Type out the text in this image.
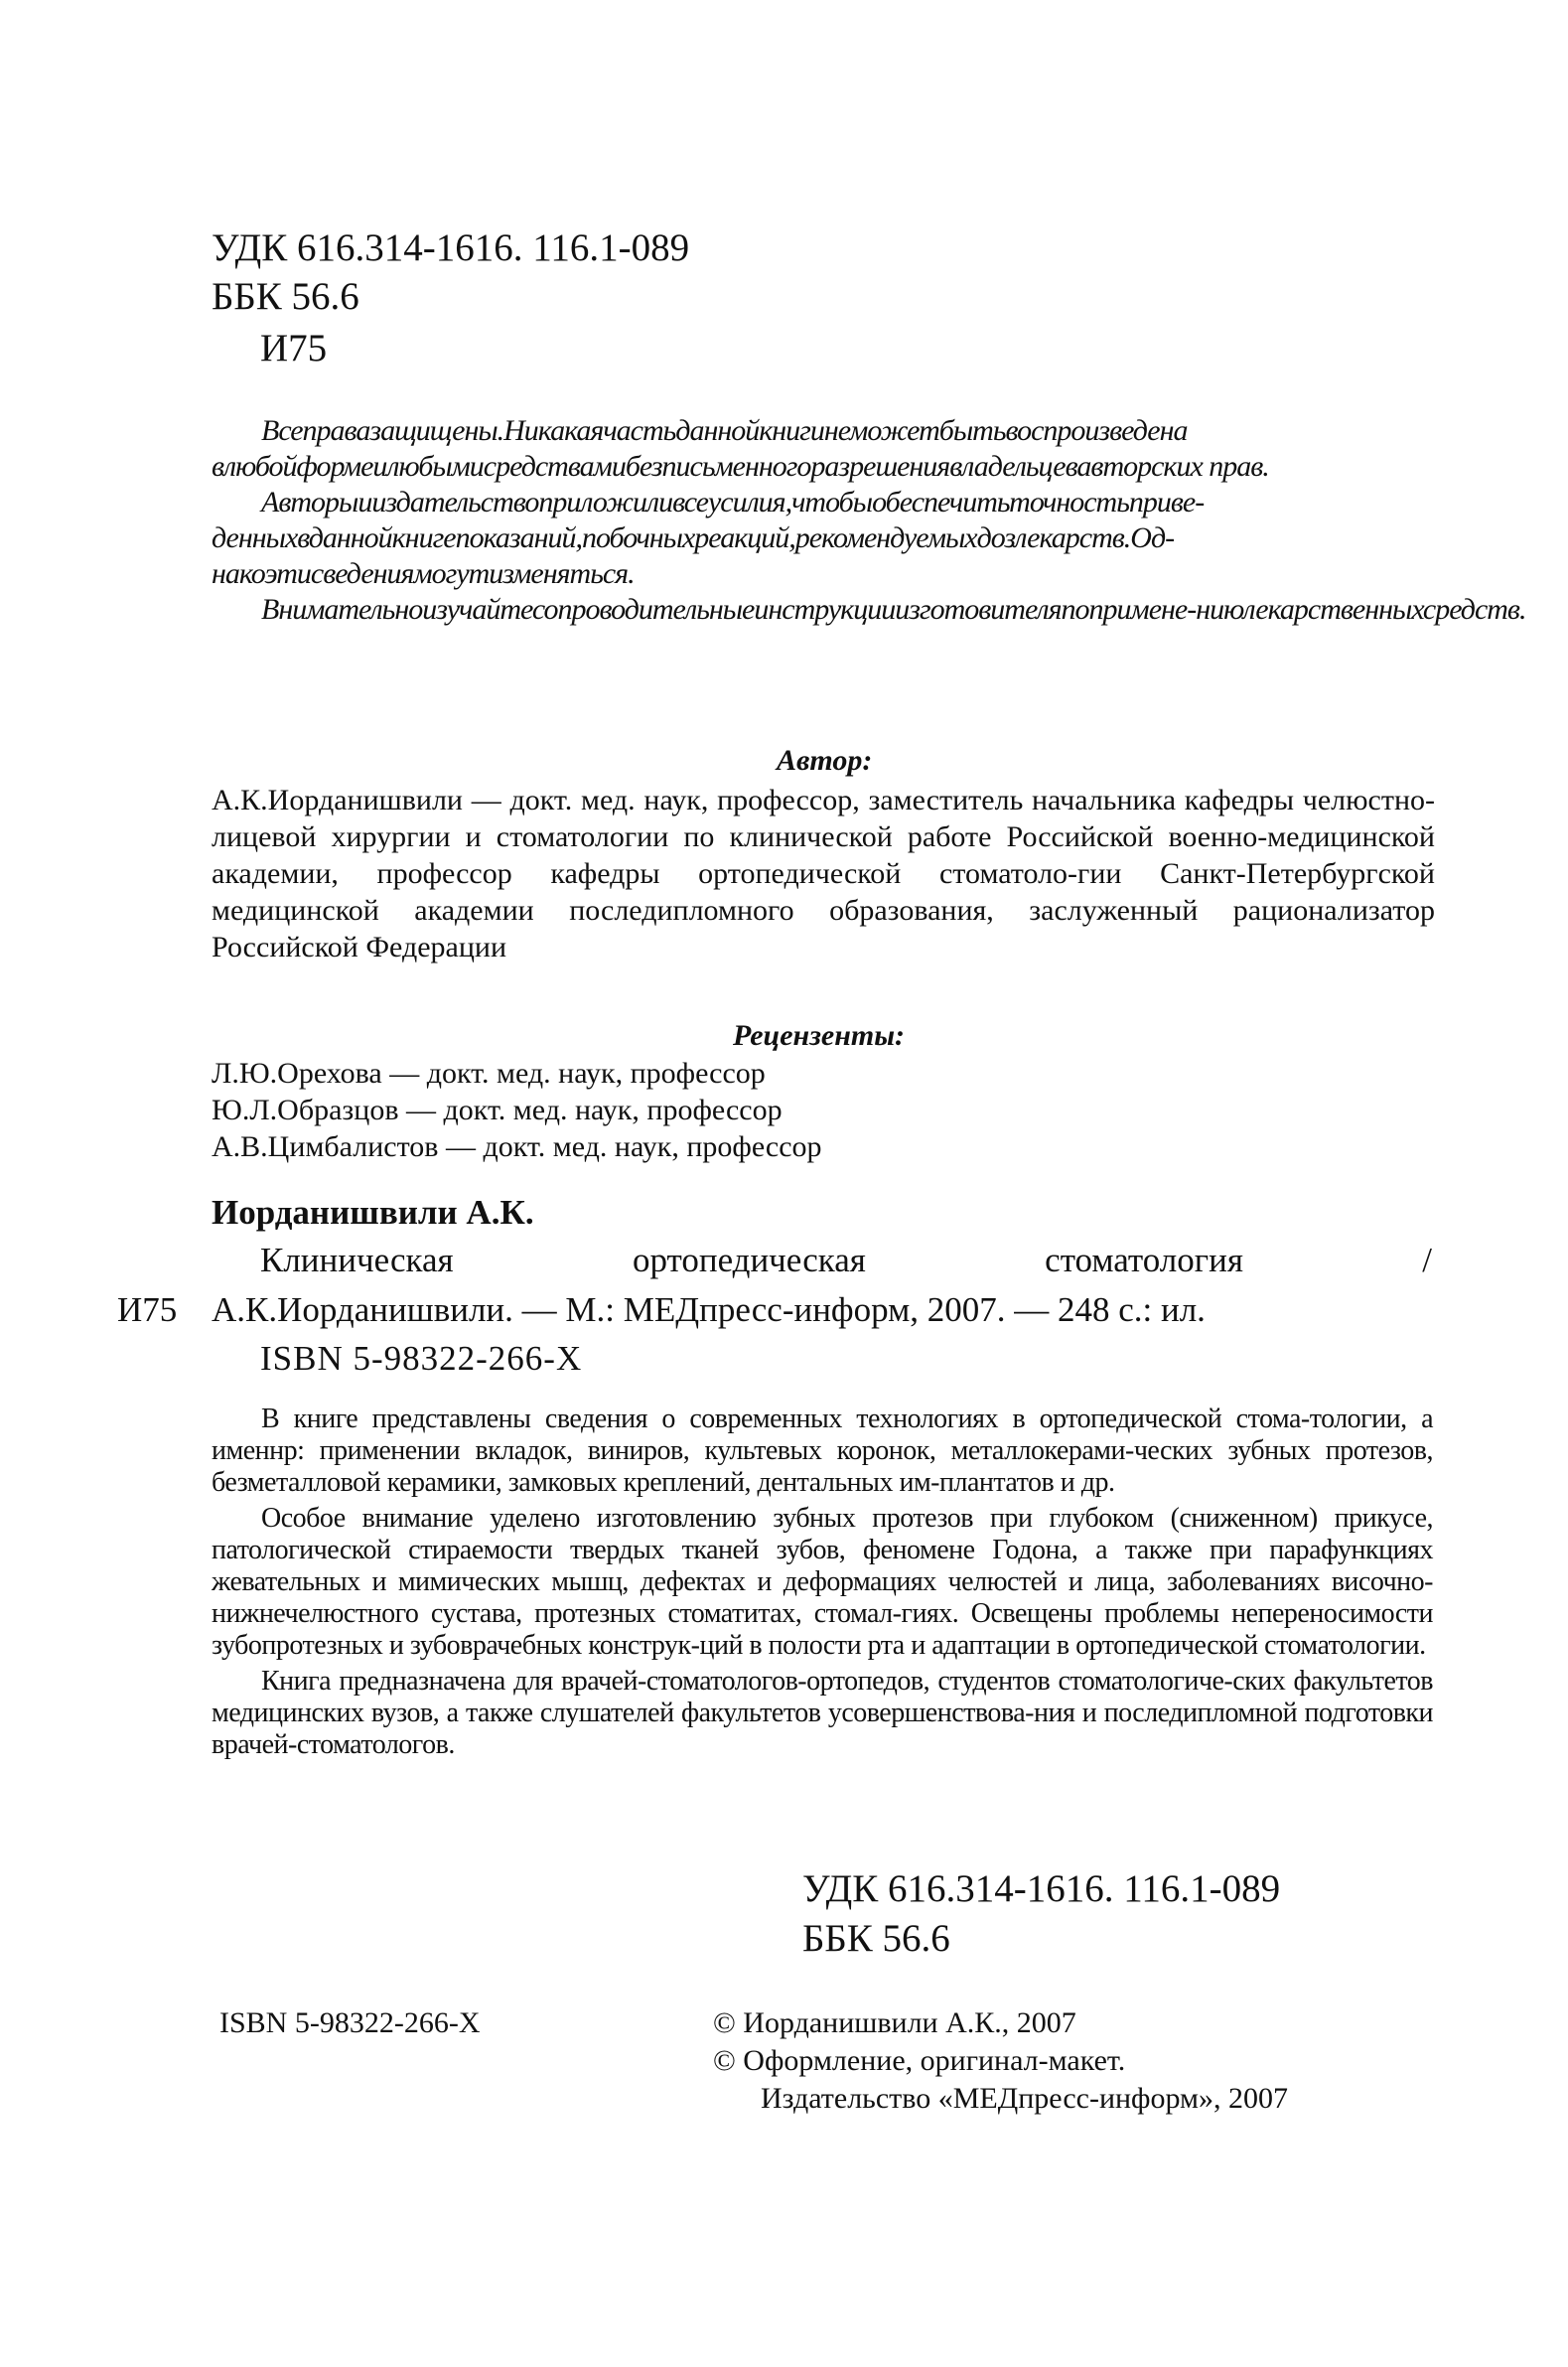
УДК 616.314-1616. 116.1-089
ББК 56.6
И75

Всеправазащищены.Никакаячастьданнойкнигинеможетбытьвоспроизведена влюбойформеилюбымисредствамибезписьменногоразрешениявладельцевавторских прав.

Авторыииздательствоприложиливсеусилия,чтобыобеспечитьточностьприве-денныхвданнойкнигепоказаний,побочныхреакций,рекомендуемыхдозлекарств.Од-накоэтисведениямогутизменяться.

Внимательноизучайтесопроводительныеинструкцииизготовителяпопримене-ниюлекарственныхсредств.

Автор:
А.К.Иорданишвили — докт. мед. наук, профессор, заместитель начальника кафедры челюстно-лицевой хирургии и стоматологии по клинической работе Российской военно-медицинской академии, профессор кафедры ортопедической стоматоло-гии Санкт-Петербургской медицинской академии последипломного образования, заслуженный рационализатор Российской Федерации
Рецензенты:
Л.Ю.Орехова — докт. мед. наук, профессор
Ю.Л.Образцов — докт. мед. наук, профессор
А.В.Цимбалистов — докт. мед. наук, профессор
Иорданишвили А.К.
Клиническая	ортопедическая	стоматология	/
И75 А.К.Иорданишвили. — М.: МЕДпресс-информ, 2007. — 248 с.: ил.
ISBN 5-98322-266-X

В книге представлены сведения о современных технологиях в ортопедической стома-тологии, а именнр: применении вкладок, виниров, культевых коронок, металлокерами-ческих зубных протезов, безметалловой керамики, замковых креплений, дентальных им-плантатов и др.

Особое внимание уделено изготовлению зубных протезов при глубоком (сниженном) прикусе, патологической стираемости твердых тканей зубов, феномене Годона, а также при парафункциях жевательных и мимических мышц, дефектах и деформациях челюстей и лица, заболеваниях височно-нижнечелюстного сустава, протезных стоматитах, стомал-гиях. Освещены проблемы непереносимости зубопротезных и зубоврачебных конструк-ций в полости рта и адаптации в ортопедической стоматологии.

Книга предназначена для врачей-стоматологов-ортопедов, студентов стоматологиче-ских факультетов медицинских вузов, а также слушателей факультетов усовершенствова-ния и последипломной подготовки врачей-стоматологов.

УДК 616.314-1616. 116.1-089
ББК 56.6
ISBN 5-98322-266-X	© Иорданишвили А.К., 2007
© Оформление, оригинал-макет.
Издательство «МЕДпресс-информ», 2007
